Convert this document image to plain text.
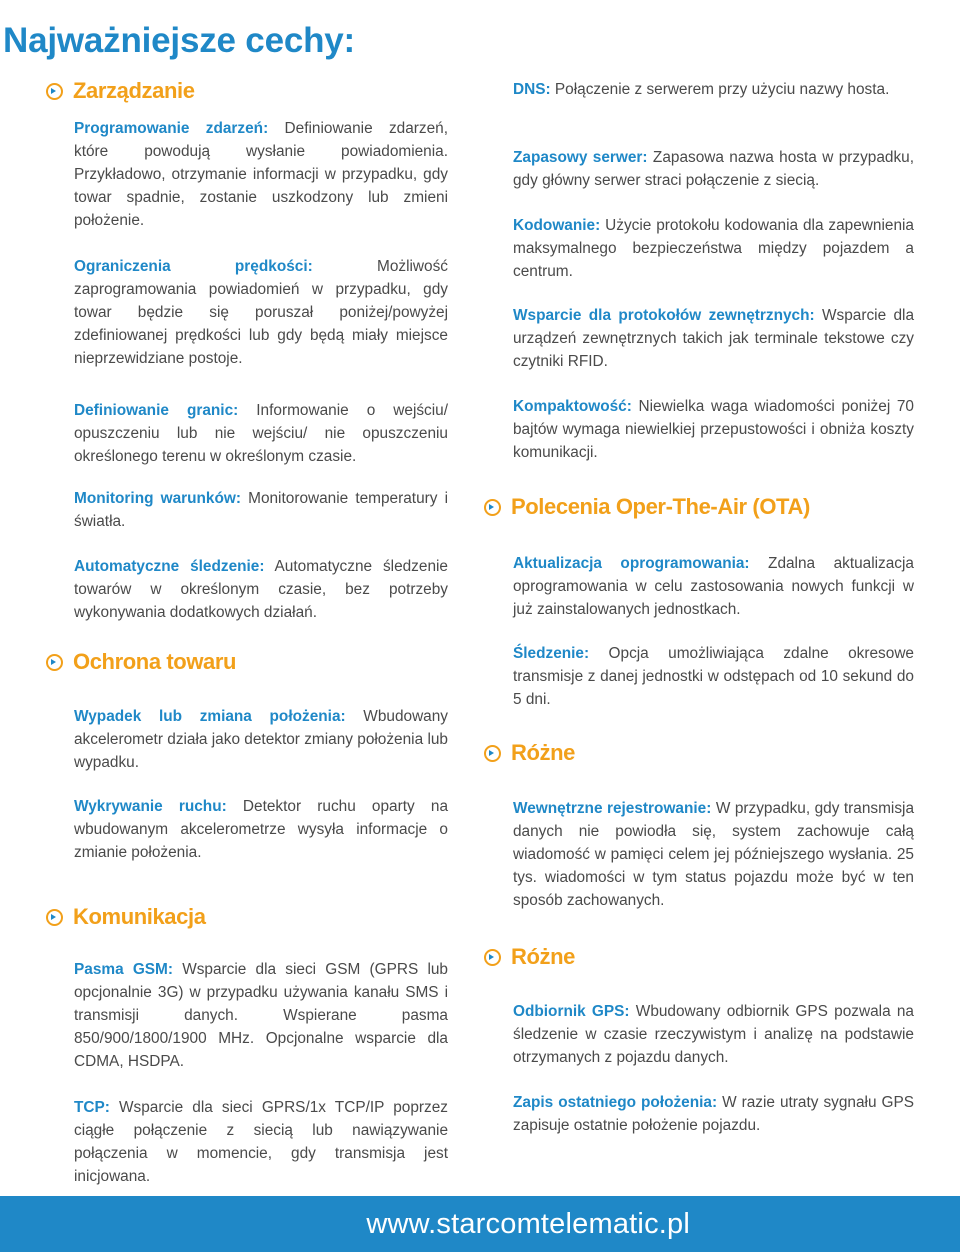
Najważniejsze cechy:
Zarządzanie

Programowanie zdarzeń: Definiowanie zdarzeń, które powodują wysłanie powiadomienia. Przykładowo, otrzymanie informacji w przypadku, gdy towar spadnie, zostanie uszkodzony lub zmieni położenie.

Ograniczenia prędkości: Możliwość zaprogramowania powiadomień w przypadku, gdy towar będzie się poruszał poniżej/powyżej zdefiniowanej prędkości lub gdy będą miały miejsce nieprzewidziane postoje.

Definiowanie granic: Informowanie o wejściu/ opuszczeniu lub nie wejściu/ nie opuszczeniu określonego terenu w określonym czasie.

Monitoring warunków: Monitorowanie temperatury i światła.

Automatyczne śledzenie: Automatyczne śledzenie towarów w określonym czasie, bez potrzeby wykonywania dodatkowych działań.

Ochrona towaru

Wypadek lub zmiana położenia: Wbudowany akcelerometr działa jako detektor zmiany położenia lub wypadku.

Wykrywanie ruchu: Detektor ruchu oparty na wbudowanym akcelerometrze wysyła informacje o zmianie położenia.

Komunikacja

Pasma GSM: Wsparcie dla sieci GSM (GPRS lub opcjonalnie 3G) w przypadku używania kanału SMS i transmisji danych. Wspierane pasma 850/900/1800/1900 MHz. Opcjonalne wsparcie dla CDMA, HSDPA.

TCP: Wsparcie dla sieci GPRS/1x TCP/IP poprzez ciągłe połączenie z siecią lub nawiązywanie połączenia w momencie, gdy transmisja jest inicjowana.

DNS: Połączenie z serwerem przy użyciu nazwy hosta.

Zapasowy serwer: Zapasowa nazwa hosta w przypadku, gdy główny serwer straci połączenie z siecią.

Kodowanie: Użycie protokołu kodowania dla zapewnienia maksymalnego bezpieczeństwa między pojazdem a centrum.

Wsparcie dla protokołów zewnętrznych: Wsparcie dla urządzeń zewnętrznych takich jak terminale tekstowe czy czytniki RFID.

Kompaktowość: Niewielka waga wiadomości poniżej 70 bajtów wymaga niewielkiej przepustowości i obniża koszty komunikacji.

Polecenia Oper-The-Air (OTA)

Aktualizacja oprogramowania: Zdalna aktualizacja oprogramowania w celu zastosowania nowych funkcji w już zainstalowanych jednostkach.

Śledzenie: Opcja umożliwiająca zdalne okresowe transmisje z danej jednostki w odstępach od 10 sekund do 5 dni.

Różne

Wewnętrzne rejestrowanie: W przypadku, gdy transmisja danych nie powiodła się, system zachowuje całą wiadomość w pamięci celem jej późniejszego wysłania. 25 tys. wiadomości w tym status pojazdu może być w ten sposób zachowanych.

Różne

Odbiornik GPS: Wbudowany odbiornik GPS pozwala na śledzenie w czasie rzeczywistym i analizę na podstawie otrzymanych z pojazdu danych.

Zapis ostatniego położenia: W razie utraty sygnału GPS zapisuje ostatnie położenie pojazdu.

www.starcomtelematic.pl
